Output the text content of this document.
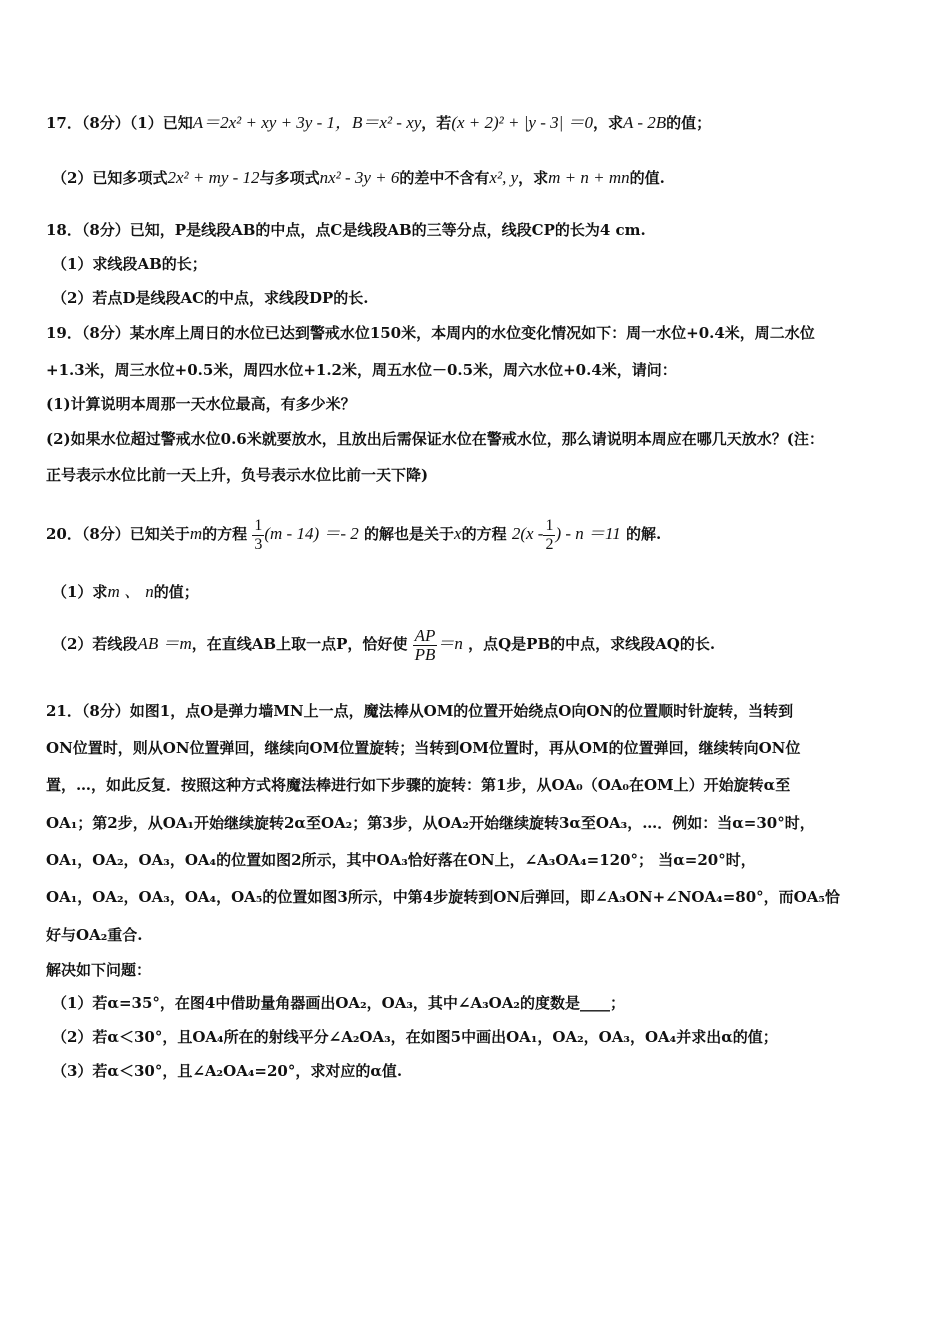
17．（8分）（1）已知A＝2x² + xy + 3y - 1，B＝x² - xy，若(x + 2)² + |y - 3| ＝0，求A - 2B的值；
（2）已知多项式2x² + my - 12与多项式nx² - 3y + 6的差中不含有x², y，求m + n + mn的值.
18．（8分）已知，P是线段AB的中点，点C是线段AB的三等分点，线段CP的长为4 cm.
（1）求线段AB的长；
（2）若点D是线段AC的中点，求线段DP的长.
19．（8分）某水库上周日的水位已达到警戒水位150米，本周内的水位变化情况如下：周一水位+0.4米，周二水位
+1.3米，周三水位+0.5米，周四水位+1.2米，周五水位－0.5米，周六水位+0.4米，请问：
(1)计算说明本周那一天水位最高，有多少米？
(2)如果水位超过警戒水位0.6米就要放水，且放出后需保证水位在警戒水位，那么请说明本周应在哪几天放水？(注：
正号表示水位比前一天上升，负号表示水位比前一天下降)
20．（8分）已知关于m的方程 $\frac{1}{3} (m - 14) =- 2$ 的解也是关于x的方程 $2(x - \frac{1}{2}$ ) - n ＝11 的解.
（1）求m 、 n的值；
（2）若线段AB ＝m，在直线AB上取一点P，恰好使 $\frac{AP}{PB} =n$ ，点Q是PB的中点，求线段AQ的长.
21．（8分）如图1，点O是弹力墙MN上一点，魔法棒从OM的位置开始绕点O向ON的位置顺时针旋转，当转到
ON位置时，则从ON位置弹回，继续向OM位置旋转；当转到OM位置时，再从OM的位置弹回，继续转向ON位
置，…，如此反复．按照这种方式将魔法棒进行如下步骤的旋转：第1步，从OA₀（OA₀在OM上）开始旋转α至
OA₁；第2步，从OA₁开始继续旋转2α至OA₂；第3步，从OA₂开始继续旋转3α至OA₃，…．例如：当α=30°时，
OA₁，OA₂，OA₃，OA₄的位置如图2所示，其中OA₃恰好落在ON上，∠A₃OA₄=120°； 当α=20°时，
OA₁，OA₂，OA₃，OA₄，OA₅的位置如图3所示，中第4步旋转到ON后弹回，即∠A₃ON+∠NOA₄=80°，而OA₅恰
好与OA₂重合.
解决如下问题：
（1）若α=35°，在图4中借助量角器画出OA₂，OA₃，其中∠A₃OA₂的度数是____；
（2）若α＜30°，且OA₄所在的射线平分∠A₂OA₃，在如图5中画出OA₁，OA₂，OA₃，OA₄并求出α的值；
（3）若α＜30°，且∠A₂OA₄=20°，求对应的α值.
